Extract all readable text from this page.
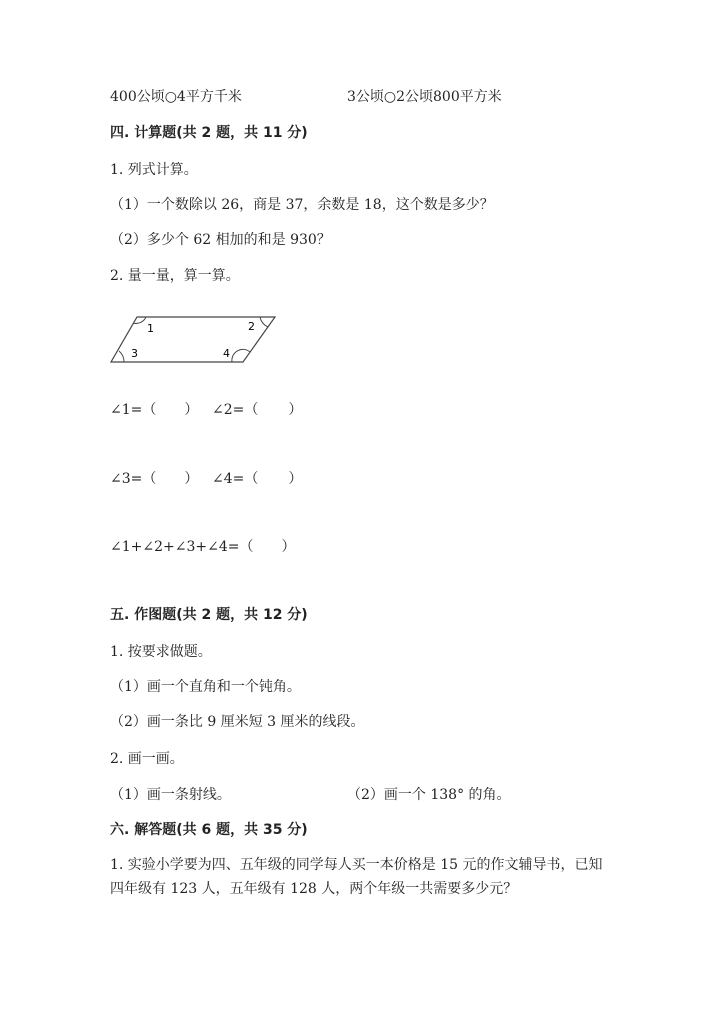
400公顷○4平方千米	3公顷○2公顷800平方米
四. 计算题(共 2 题，共 11 分)
1. 列式计算。
（1）一个数除以 26，商是 37，余数是 18，这个数是多少？
（2）多少个 62 相加的和是 930？
2. 量一量，算一算。
1	2
3	4
∠1=（ ） ∠2=（ ）
∠3=（ ） ∠4=（ ）
∠1+∠2+∠3+∠4=（ ）
五. 作图题(共 2 题，共 12 分)
1. 按要求做题。
（1）画一个直角和一个钝角。
（2）画一条比 9 厘米短 3 厘米的线段。
2. 画一画。
（1）画一条射线。	（2）画一个 138° 的角。
六. 解答题(共 6 题，共 35 分)
1. 实验小学要为四、五年级的同学每人买一本价格是 15 元的作文辅导书，已知
四年级有 123 人，五年级有 128 人，两个年级一共需要多少元？
